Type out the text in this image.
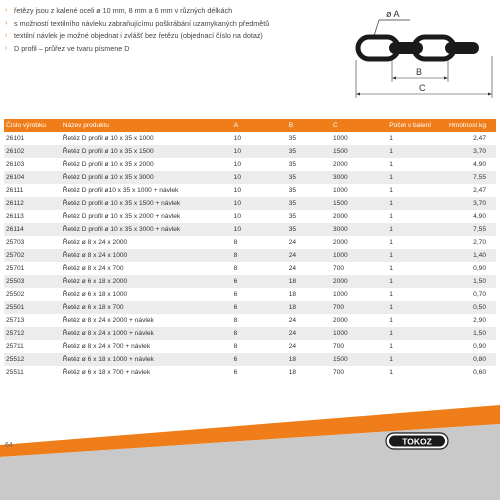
› řetězy jsou z kalené oceli ø 10 mm, 8 mm a 6 mm v různých délkách
› s možností textilního návleku zabraňujícímu poškrábání uzamykaných předmětů
› textilní návlek je možné objednat i zvlášť bez řetězu (objednací číslo na dotaz)
› D profil – průřez ve tvaru písmene D
ø A
B
C
Číslo výrobku	Název produktu	A	B	C	Počet v balení	Hmotnost kg
26101	Řetěz D profil ø 10 x 35 x 1000	10	35	1000	1	2,47
26102	Řetěz D profil ø 10 x 35 x 1500	10	35	1500	1	3,70
26103	Řetěz D profil ø 10 x 35 x 2000	10	35	2000	1	4,90
26104	Řetěz D profil ø 10 x 35 x 3000	10	35	3000	1	7,55
26111	Řetěz D profil ø10 x 35 x 1000 + návlek	10	35	1000	1	2,47
26112	Řetěz D profil ø 10 x 35 x 1500 + návlek	10	35	1500	1	3,70
26113	Řetěz D profil ø 10 x 35 x 2000 + návlek	10	35	2000	1	4,90
26114	Řetěz D profil ø 10 x 35 x 3000 + návlek	10	35	3000	1	7,55
25703	Řetěz ø 8 x 24 x 2000	8	24	2000	1	2,70
25702	Řetěz ø 8 x 24 x 1000	8	24	1000	1	1,40
25701	Řetěz ø 8 x 24 x 700	8	24	700	1	0,90
25503	Řetěz ø 6 x 18 x 2000	6	18	2000	1	1,50
25502	Řetěz ø 6 x 18 x 1000	6	18	1000	1	0,70
25501	Řetěz ø 6 x 18 x 700	6	18	700	1	0,50
25713	Řetěz ø 8 x 24 x 2000 + návlek	8	24	2000	1	2,90
25712	Řetěz ø 8 x 24 x 1000 + návlek	8	24	1000	1	1,50
25711	Řetěz ø 8 x 24 x 700 + návlek	8	24	700	1	0,90
25512	Řetěz ø 6 x 18 x 1000 + návlek	6	18	1500	1	0,80
25511	Řetěz ø 6 x 18 x 700 + návlek	6	18	700	1	0,60
64	TOKOZ
